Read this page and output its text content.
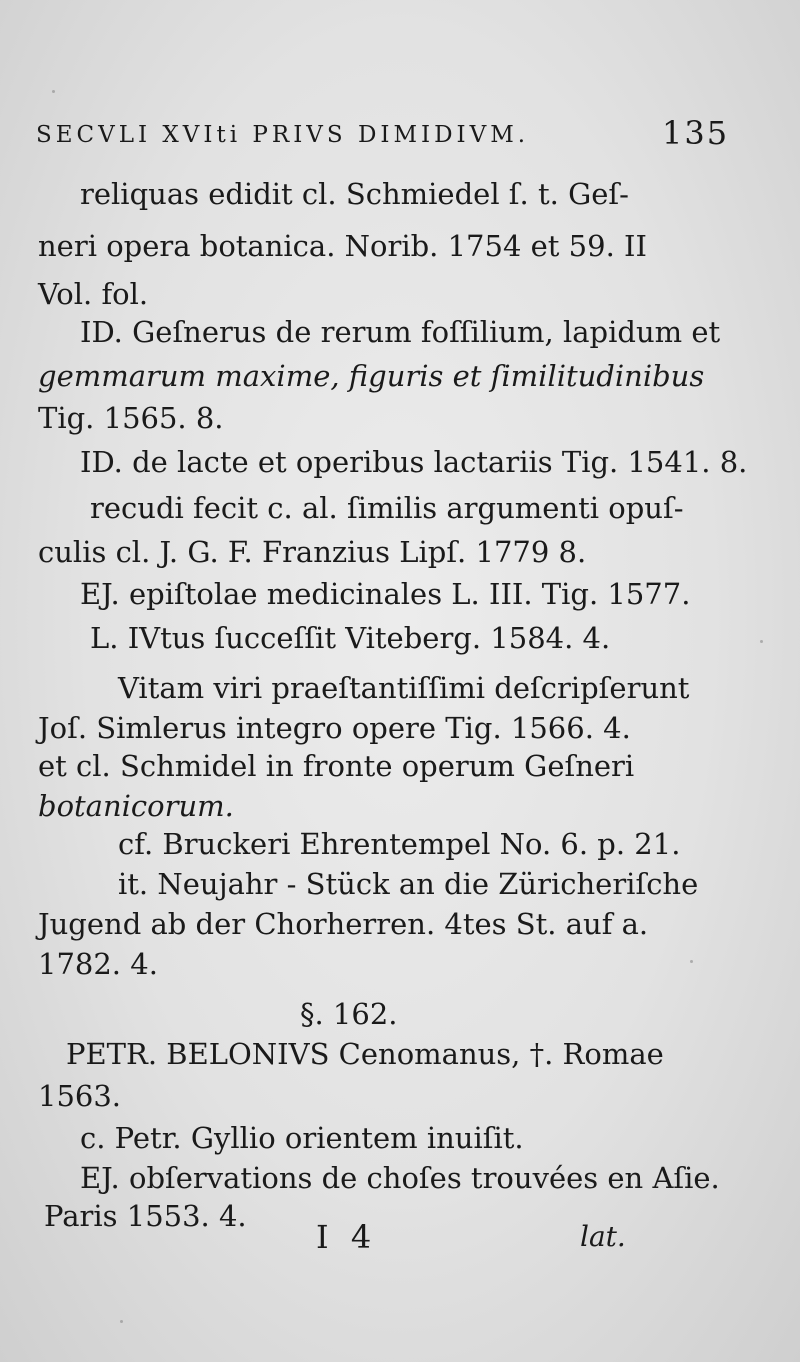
SECVLI XVIti PRIVS DIMIDIVM.	135
reliquas edidit cl. Schmiedel ſ. t. Geſ-
neri opera botanica. Norib. 1754 et 59. II
Vol. fol.
ID. Geſnerus de rerum foſſilium, lapidum et
gemmarum maxime, figuris et ſimilitudinibus
Tig. 1565. 8.
ID. de lacte et operibus lactariis Tig. 1541. 8.
recudi fecit c. al. ſimilis argumenti opuſ-
culis cl. J. G. F. Franzius Lipſ. 1779 8.
EJ. epiſtolae medicinales L. III. Tig. 1577.
L. IVtus ſucceſſit Viteberg. 1584. 4.
Vitam viri praeſtantiſſimi deſcripſerunt
Joſ. Simlerus integro opere Tig. 1566. 4.
et cl. Schmidel in fronte operum Geſneri
botanicorum.
cf. Bruckeri Ehrentempel No. 6. p. 21.
it. Neujahr - Stück an die Züricheriſche
Jugend ab der Chorherren. 4tes St. auf a.
1782. 4.
§. 162.
PETR. BELONIVS Cenomanus, †. Romae
1563.
c. Petr. Gyllio orientem inuiſit.
EJ. obſervations de choſes trouvées en Aſie.
Paris 1553. 4.
I 4	lat.
